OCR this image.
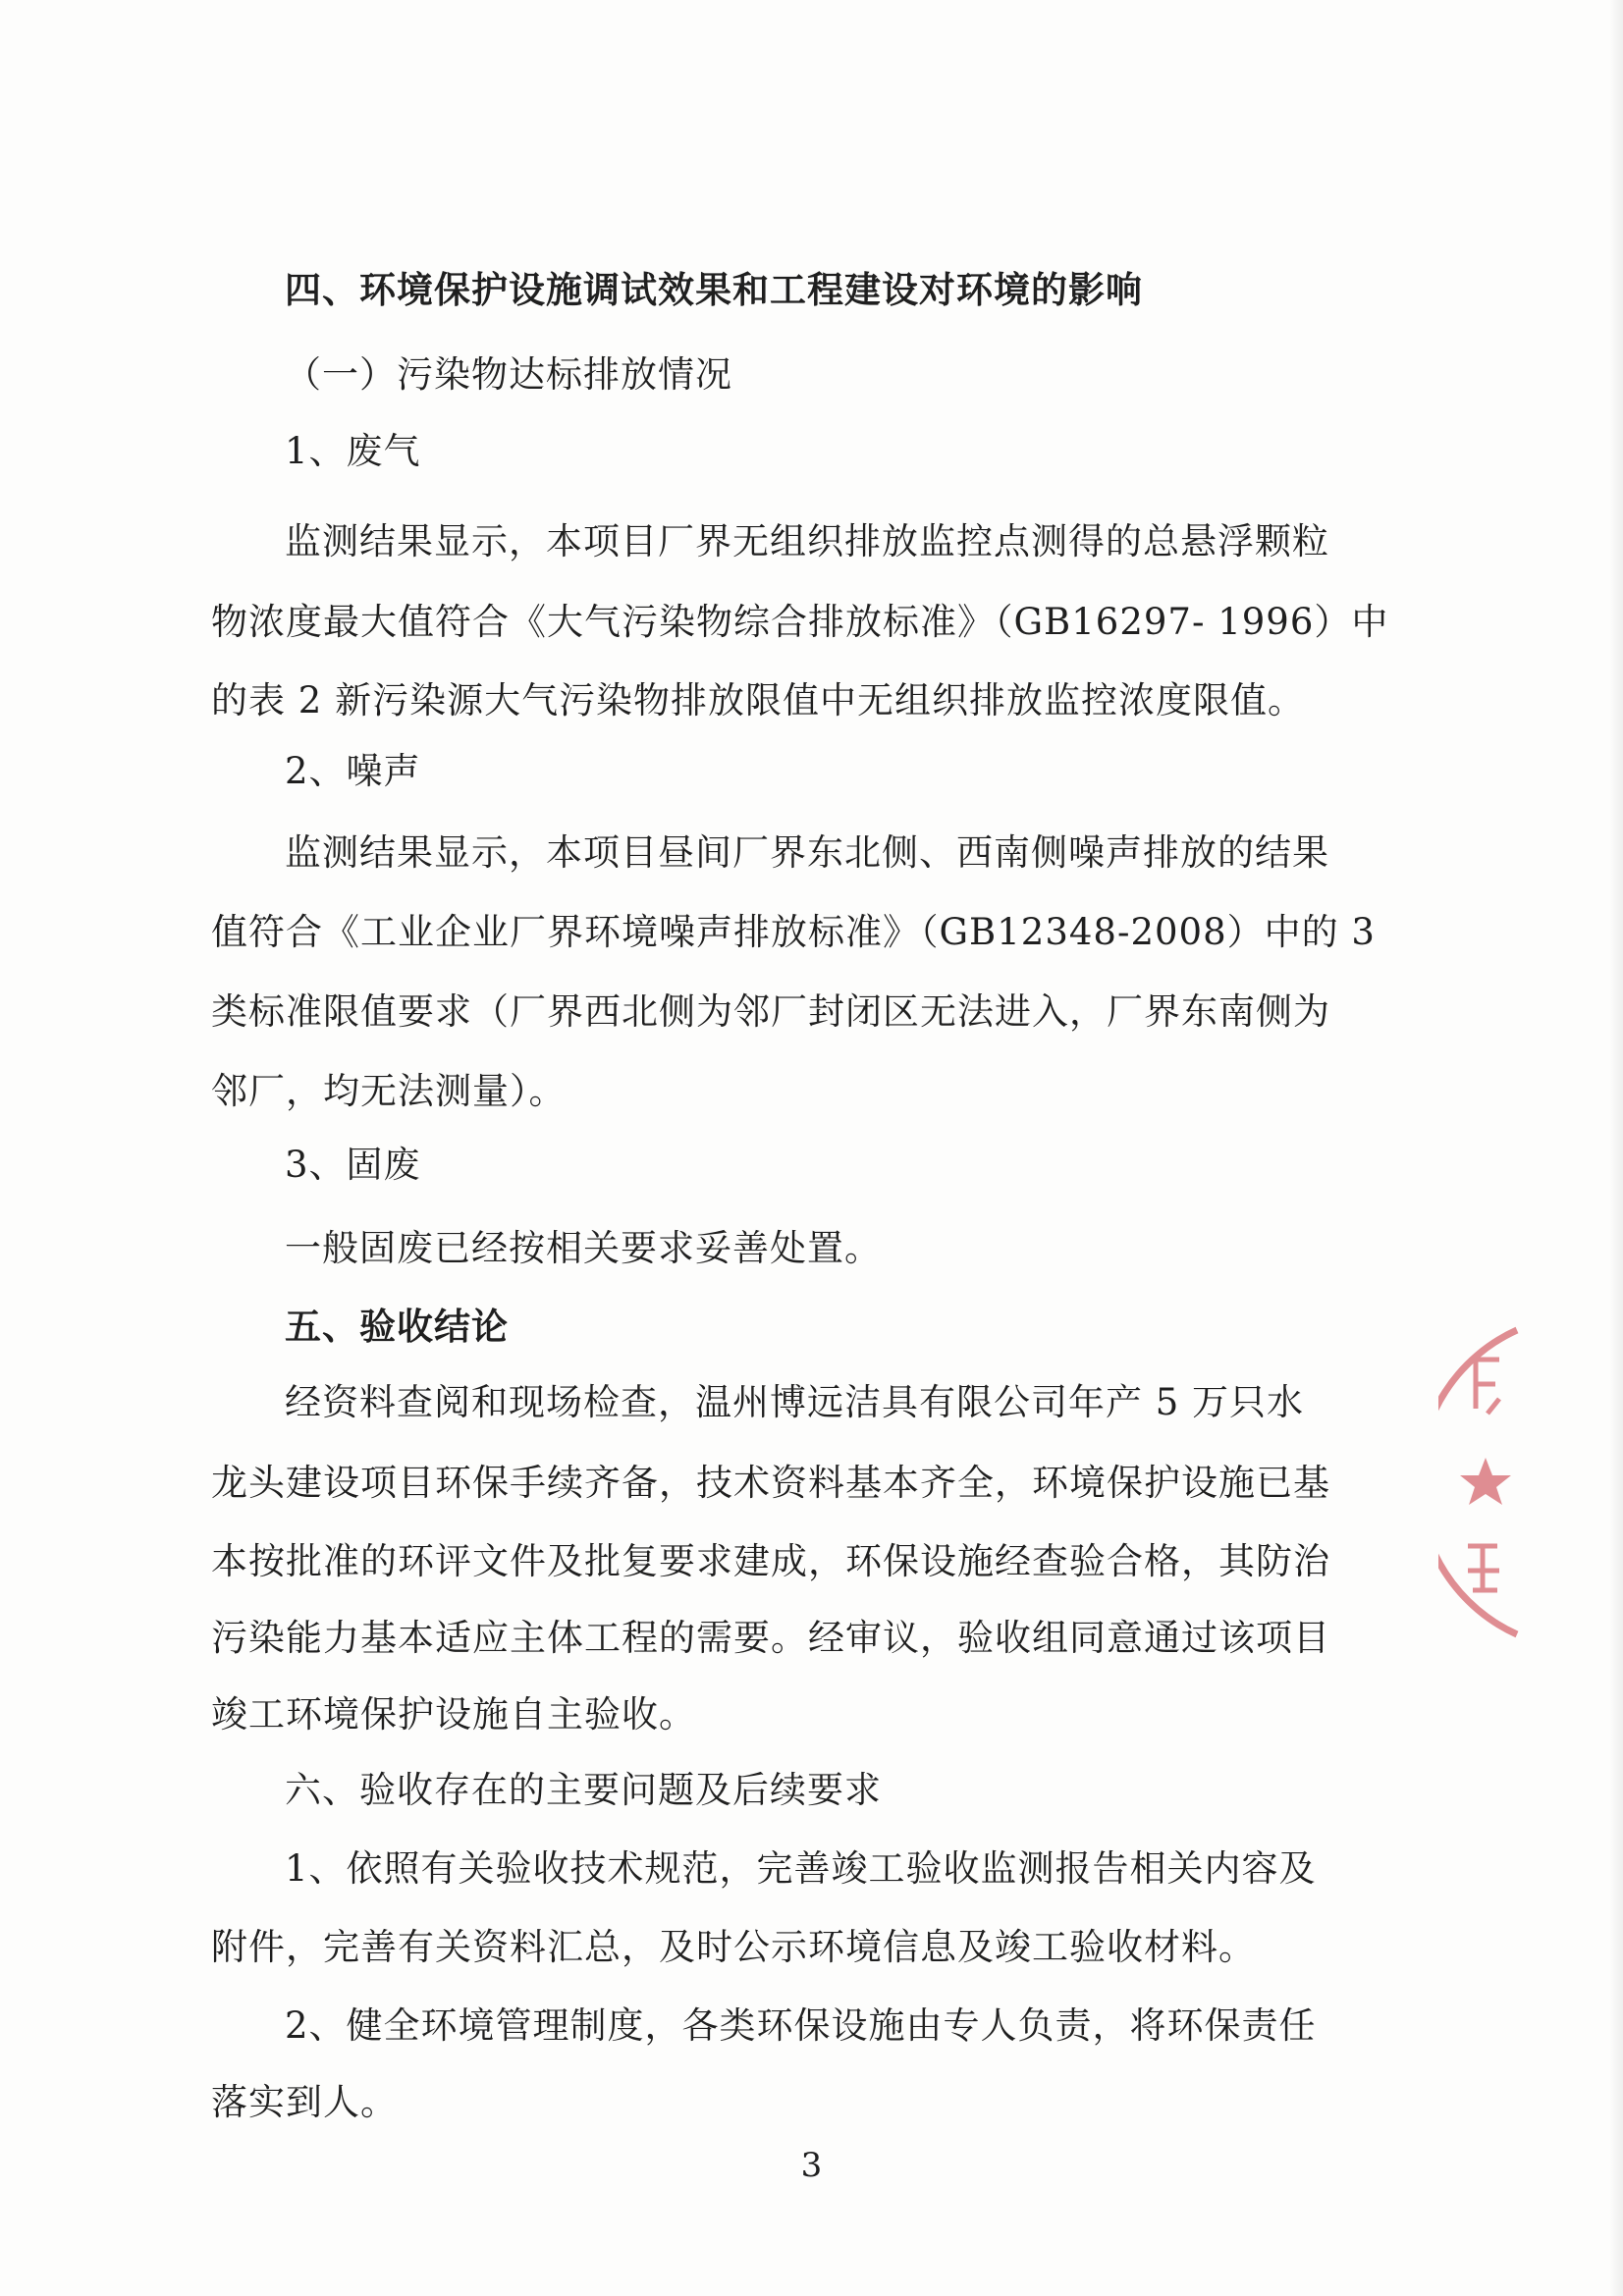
四、环境保护设施调试效果和工程建设对环境的影响
（一）污染物达标排放情况
1、废气
监测结果显示，本项目厂界无组织排放监控点测得的总悬浮颗粒
物浓度最大值符合《大气污染物综合排放标准》（GB16297- 1996）中
的表 2 新污染源大气污染物排放限值中无组织排放监控浓度限值。
2、噪声
监测结果显示，本项目昼间厂界东北侧、西南侧噪声排放的结果
值符合《工业企业厂界环境噪声排放标准》（GB12348-2008）中的 3
类标准限值要求（厂界西北侧为邻厂封闭区无法进入，厂界东南侧为
邻厂，均无法测量）。
3、固废
一般固废已经按相关要求妥善处置。
五、验收结论
经资料查阅和现场检查，温州博远洁具有限公司年产 5 万只水
龙头建设项目环保手续齐备，技术资料基本齐全，环境保护设施已基
本按批准的环评文件及批复要求建成，环保设施经查验合格，其防治
污染能力基本适应主体工程的需要。经审议，验收组同意通过该项目
竣工环境保护设施自主验收。
六、验收存在的主要问题及后续要求
1、依照有关验收技术规范，完善竣工验收监测报告相关内容及
附件，完善有关资料汇总，及时公示环境信息及竣工验收材料。
2、健全环境管理制度，各类环保设施由专人负责，将环保责任
落实到人。
3
